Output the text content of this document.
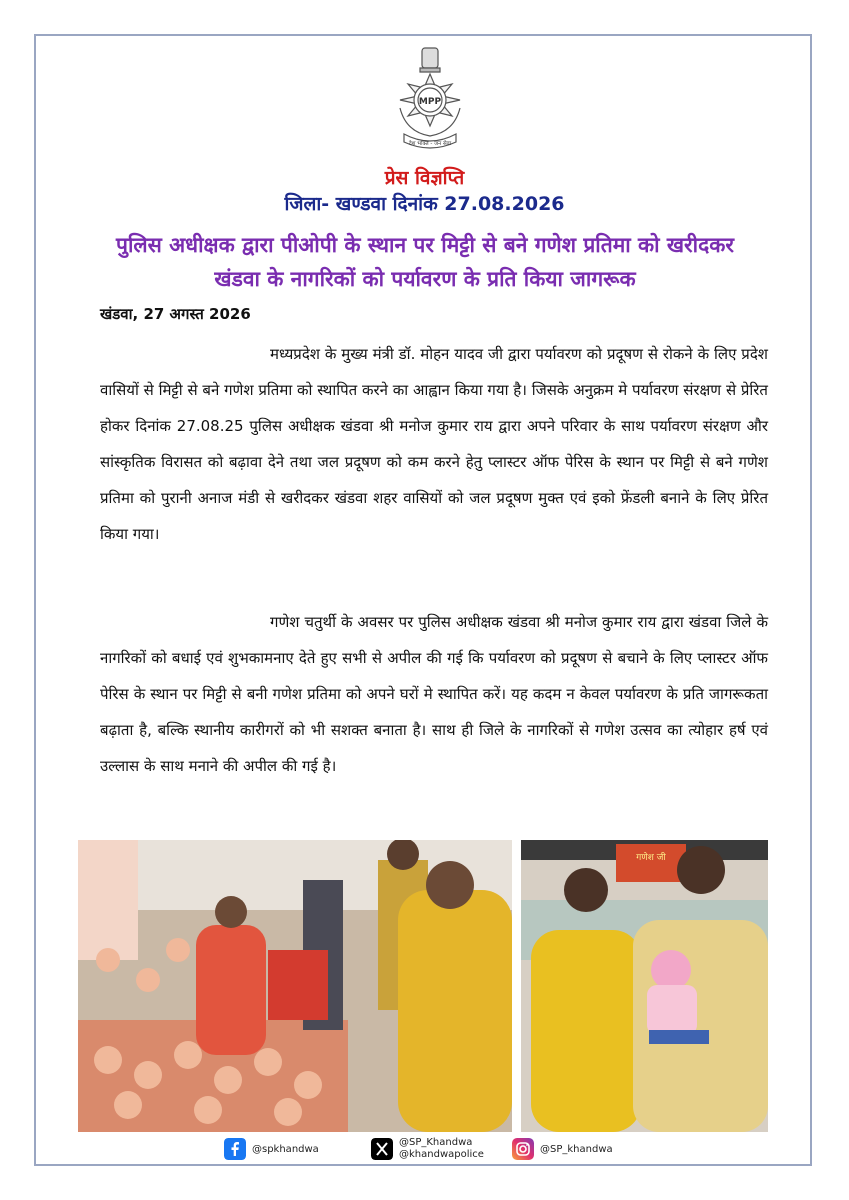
MPP
देश भक्ति - जन सेवा
प्रेस विज्ञप्ति
जिला- खण्डवा दिनांक 27.08.2026
पुलिस अधीक्षक द्वारा पीओपी के स्थान पर मिट्टी से बने गणेश प्रतिमा को खरीदकर खंडवा के नागरिकों को पर्यावरण के प्रति किया जागरूक
खंडवा, 27 अगस्त 2026
मध्यप्रदेश के मुख्य मंत्री डॉ. मोहन यादव जी द्वारा पर्यावरण को प्रदूषण से रोकने के लिए प्रदेश वासियों से मिट्टी से बने गणेश प्रतिमा को स्थापित करने का आह्वान किया गया है। जिसके अनुक्रम मे पर्यावरण संरक्षण से प्रेरित होकर दिनांक 27.08.25 पुलिस अधीक्षक खंडवा श्री मनोज कुमार राय द्वारा अपने परिवार के साथ पर्यावरण संरक्षण और सांस्कृतिक विरासत को बढ़ावा देने तथा जल प्रदूषण को कम करने हेतु प्लास्टर ऑफ पेरिस के स्थान पर मिट्टी से बने गणेश प्रतिमा को पुरानी अनाज मंडी से खरीदकर खंडवा शहर वासियों को जल प्रदूषण मुक्त एवं इको फ्रेंडली बनाने के लिए प्रेरित किया गया।
गणेश चतुर्थी के अवसर पर पुलिस अधीक्षक खंडवा श्री मनोज कुमार राय द्वारा खंडवा जिले के नागरिकों को बधाई एवं शुभकामनाए देते हुए सभी से अपील की गई कि पर्यावरण को प्रदूषण से बचाने के लिए प्लास्टर ऑफ पेरिस के स्थान पर मिट्टी से बनी गणेश प्रतिमा को अपने घरों मे स्थापित करें। यह कदम न केवल पर्यावरण के प्रति जागरूकता बढ़ाता है, बल्कि स्थानीय कारीगरों को भी सशक्त बनाता है। साथ ही जिले के नागरिकों से गणेश उत्सव का त्योहार हर्ष एवं उल्लास के साथ मनाने की अपील की गई है।
गणेश जी
@spkhandwa
@SP_Khandwa
@khandwapolice	@SP_khandwa
